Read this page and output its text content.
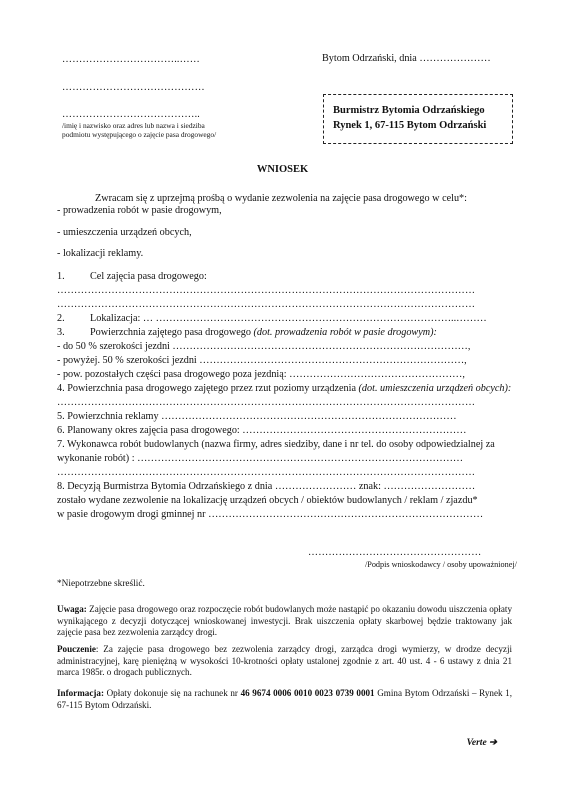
……………………………..……
……………………………………
…………………………………..
/imię i nazwisko oraz adres lub nazwa i siedziba
podmiotu występującego o zajęcie pasa drogowego/
Bytom Odrzański, dnia …………………
Burmistrz Bytomia Odrzańskiego
Rynek 1, 67-115 Bytom Odrzański
WNIOSEK
Zwracam się z uprzejmą prośbą o wydanie zezwolenia na zajęcie pasa drogowego w celu*:
- prowadzenia robót w pasie drogowym,
- umieszczenia urządzeń obcych,
- lokalizacji reklamy.
1. Cel zajęcia pasa drogowego:
……………………………………………………………………………………………………………
……………………………………………………………………………………………………………
2. Lokalizacja: … ……………………………………………………………………………..………
3. Powierzchnia zajętego pasa drogowego (dot. prowadzenia robót w pasie drogowym):
- do 50 % szerokości jezdni ……………………………………………………………………………,
- powyżej. 50 % szerokości jezdni ……………………………………………………………………,
- pow. pozostałych części pasa drogowego poza jezdnią: ……………………………………………,
4. Powierzchnia pasa drogowego zajętego przez rzut poziomy urządzenia (dot. umieszczenia urządzeń obcych):
……………………………………………………………………………………………………………
5. Powierzchnia reklamy ……………………………………………………………………………
6. Planowany okres zajęcia pasa drogowego: …………………………………………………………
7. Wykonawca robót budowlanych (nazwa firmy, adres siedziby, dane i nr tel. do osoby odpowiedzialnej za
wykonanie robót) : ……………………………………………………………………………………
……………………………………………………………………………………………………………
8. Decyzją Burmistrza Bytomia Odrzańskiego z dnia …………………… znak: ………………………
zostało wydane zezwolenie na lokalizację urządzeń obcych / obiektów budowlanych / reklam / zjazdu*
w pasie drogowym drogi gminnej nr ………………………………………………………………………
……………………………………………
/Podpis wnioskodawcy / osoby upoważnionej/
*Niepotrzebne skreślić.
Uwaga: Zajęcie pasa drogowego oraz rozpoczęcie robót budowlanych może nastąpić po okazaniu dowodu uiszczenia opłaty wynikającego z decyzji dotyczącej wnioskowanej inwestycji. Brak uiszczenia opłaty skarbowej będzie traktowany jak zajęcie pasa bez zezwolenia zarządcy drogi.
Pouczenie: Za zajęcie pasa drogowego bez zezwolenia zarządcy drogi, zarządca drogi wymierzy, w drodze decyzji administracyjnej, karę pieniężną w wysokości 10-krotności opłaty ustalonej zgodnie z art. 40 ust. 4 - 6 ustawy z dnia 21 marca 1985r. o drogach publicznych.
Informacja: Opłaty dokonuje się na rachunek nr 46 9674 0006 0010 0023 0739 0001 Gmina Bytom Odrzański – Rynek 1, 67-115 Bytom Odrzański.
Verte ➔
